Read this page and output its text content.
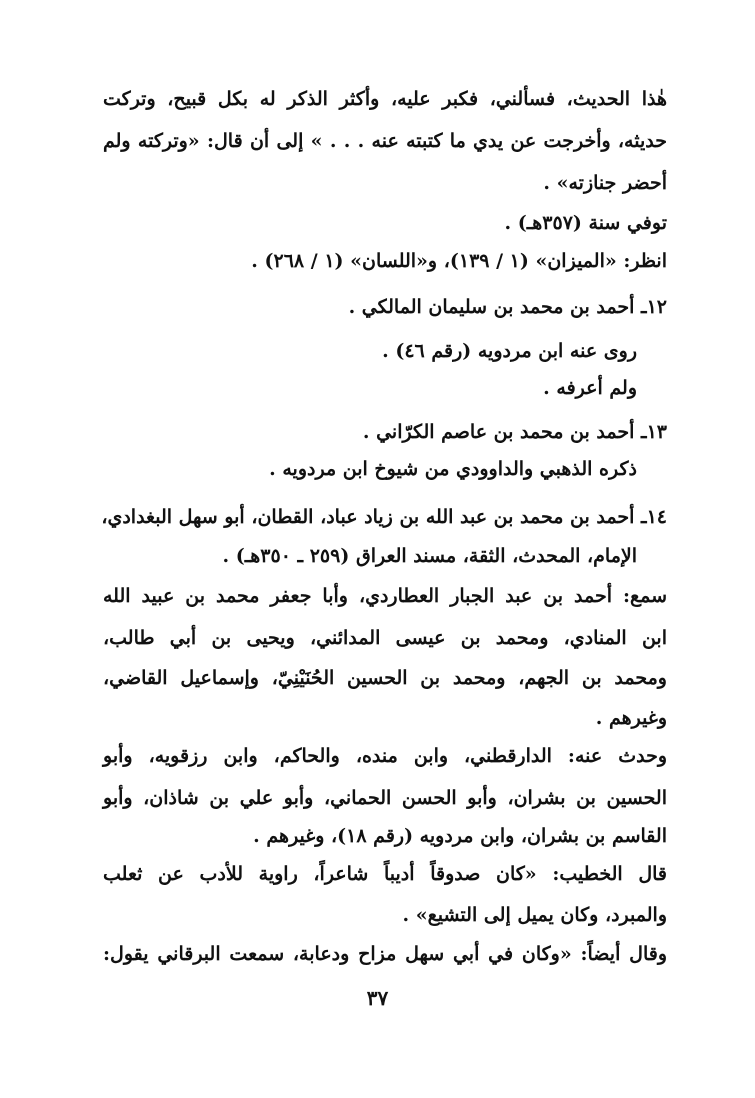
هٰذا الحديث، فسألني، فكبر عليه، وأكثر الذكر له بكل قبيح، وتركت
حديثه، وأخرجت عن يدي ما كتبته عنه . . . » إلى أن قال: «وتركته ولم
أحضر جنازته» .
توفي سنة (٣٥٧هـ) .
انظر: «الميزان» (١ / ١٣٩)، و«اللسان» (١ / ٢٦٨) .
١٢ـ أحمد بن محمد بن سليمان المالكي .
روى عنه ابن مردويه (رقم ٤٦) .
ولم أعرفه .
١٣ـ أحمد بن محمد بن عاصم الكرّاني .
ذكره الذهبي والداوودي من شيوخ ابن مردويه .
١٤ـ أحمد بن محمد بن عبد الله بن زياد عباد، القطان، أبو سهل البغدادي،
الإمام، المحدث، الثقة، مسند العراق (٢٥٩ ـ ٣٥٠هـ) .
سمع: أحمد بن عبد الجبار العطاردي، وأبا جعفر محمد بن عبيد الله
ابن المنادي، ومحمد بن عيسى المدائني، ويحيى بن أبي طالب،
ومحمد بن الجهم، ومحمد بن الحسين الحُنَيْنِيّ، وإسماعيل القاضي،
وغيرهم .
وحدث عنه: الدارقطني، وابن منده، والحاكم، وابن رزقويه، وأبو
الحسين بن بشران، وأبو الحسن الحماني، وأبو علي بن شاذان، وأبو
القاسم بن بشران، وابن مردويه (رقم ١٨)، وغيرهم .
قال الخطيب: «كان صدوقاً أديباً شاعراً، راوية للأدب عن ثعلب
والمبرد، وكان يميل إلى التشيع» .
وقال أيضاً: «وكان في أبي سهل مزاح ودعابة، سمعت البرقاني يقول:
٣٧
